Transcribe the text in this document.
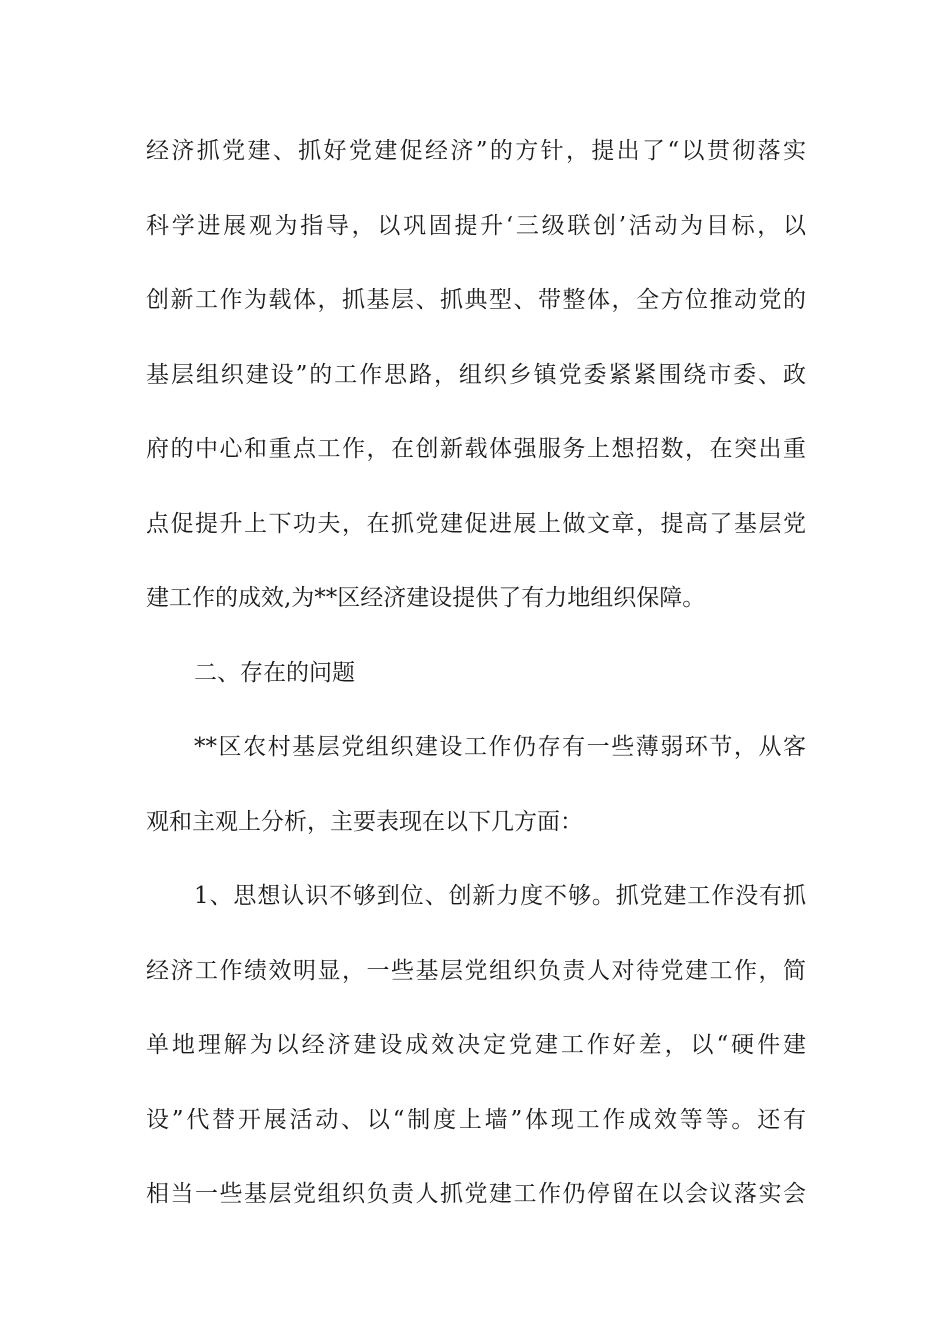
经济抓党建、抓好党建促经济”的方针，提出了“以贯彻落实
科学进展观为指导，以巩固提升‘三级联创’活动为目标，以
创新工作为载体，抓基层、抓典型、带整体，全方位推动党的
基层组织建设”的工作思路，组织乡镇党委紧紧围绕市委、政
府的中心和重点工作，在创新载体强服务上想招数，在突出重
点促提升上下功夫，在抓党建促进展上做文章，提高了基层党
建工作的成效,为**区经济建设提供了有力地组织保障。
二、存在的问题
**区农村基层党组织建设工作仍存有一些薄弱环节，从客
观和主观上分析，主要表现在以下几方面：
1、思想认识不够到位、创新力度不够。抓党建工作没有抓
经济工作绩效明显，一些基层党组织负责人对待党建工作，简
单地理解为以经济建设成效决定党建工作好差，以“硬件建
设”代替开展活动、以“制度上墙”体现工作成效等等。还有
相当一些基层党组织负责人抓党建工作仍停留在以会议落实会
